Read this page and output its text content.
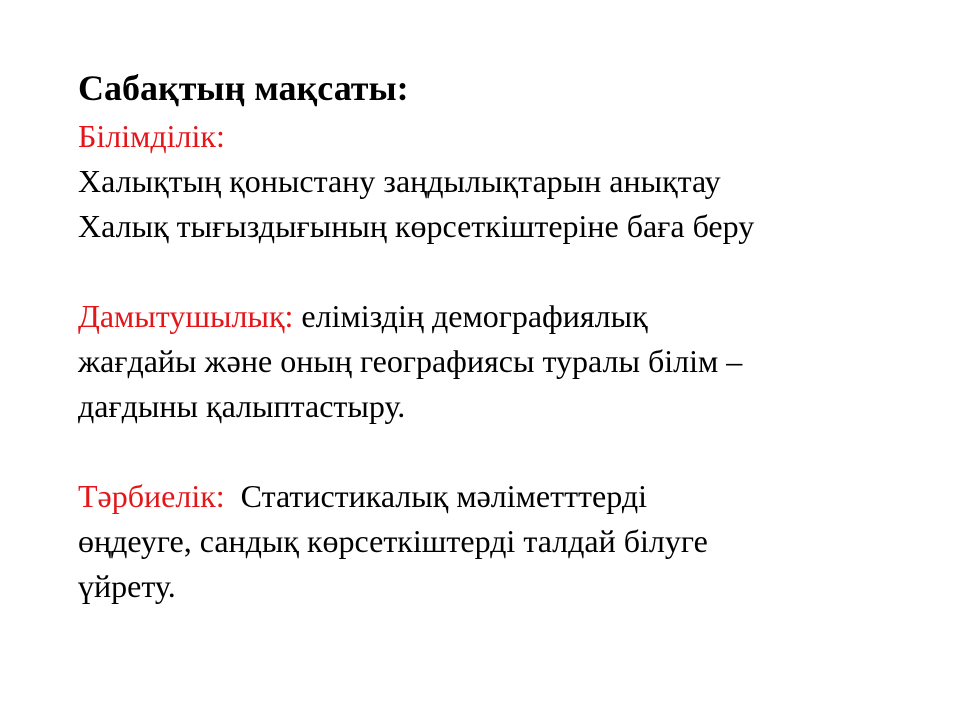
Сабақтың мақсаты:

Білімділік:

Халықтың қоныстану заңдылықтарын анықтау

Халық тығыздығының көрсеткіштеріне баға беру

Дамытушылық: еліміздің демографиялық

жағдайы және оның географиясы туралы білім –

дағдыны қалыптастыру.

Тәрбиелік:  Статистикалық мәліметттерді

өңдеуге, сандық көрсеткіштерді талдай білуге

үйрету.
